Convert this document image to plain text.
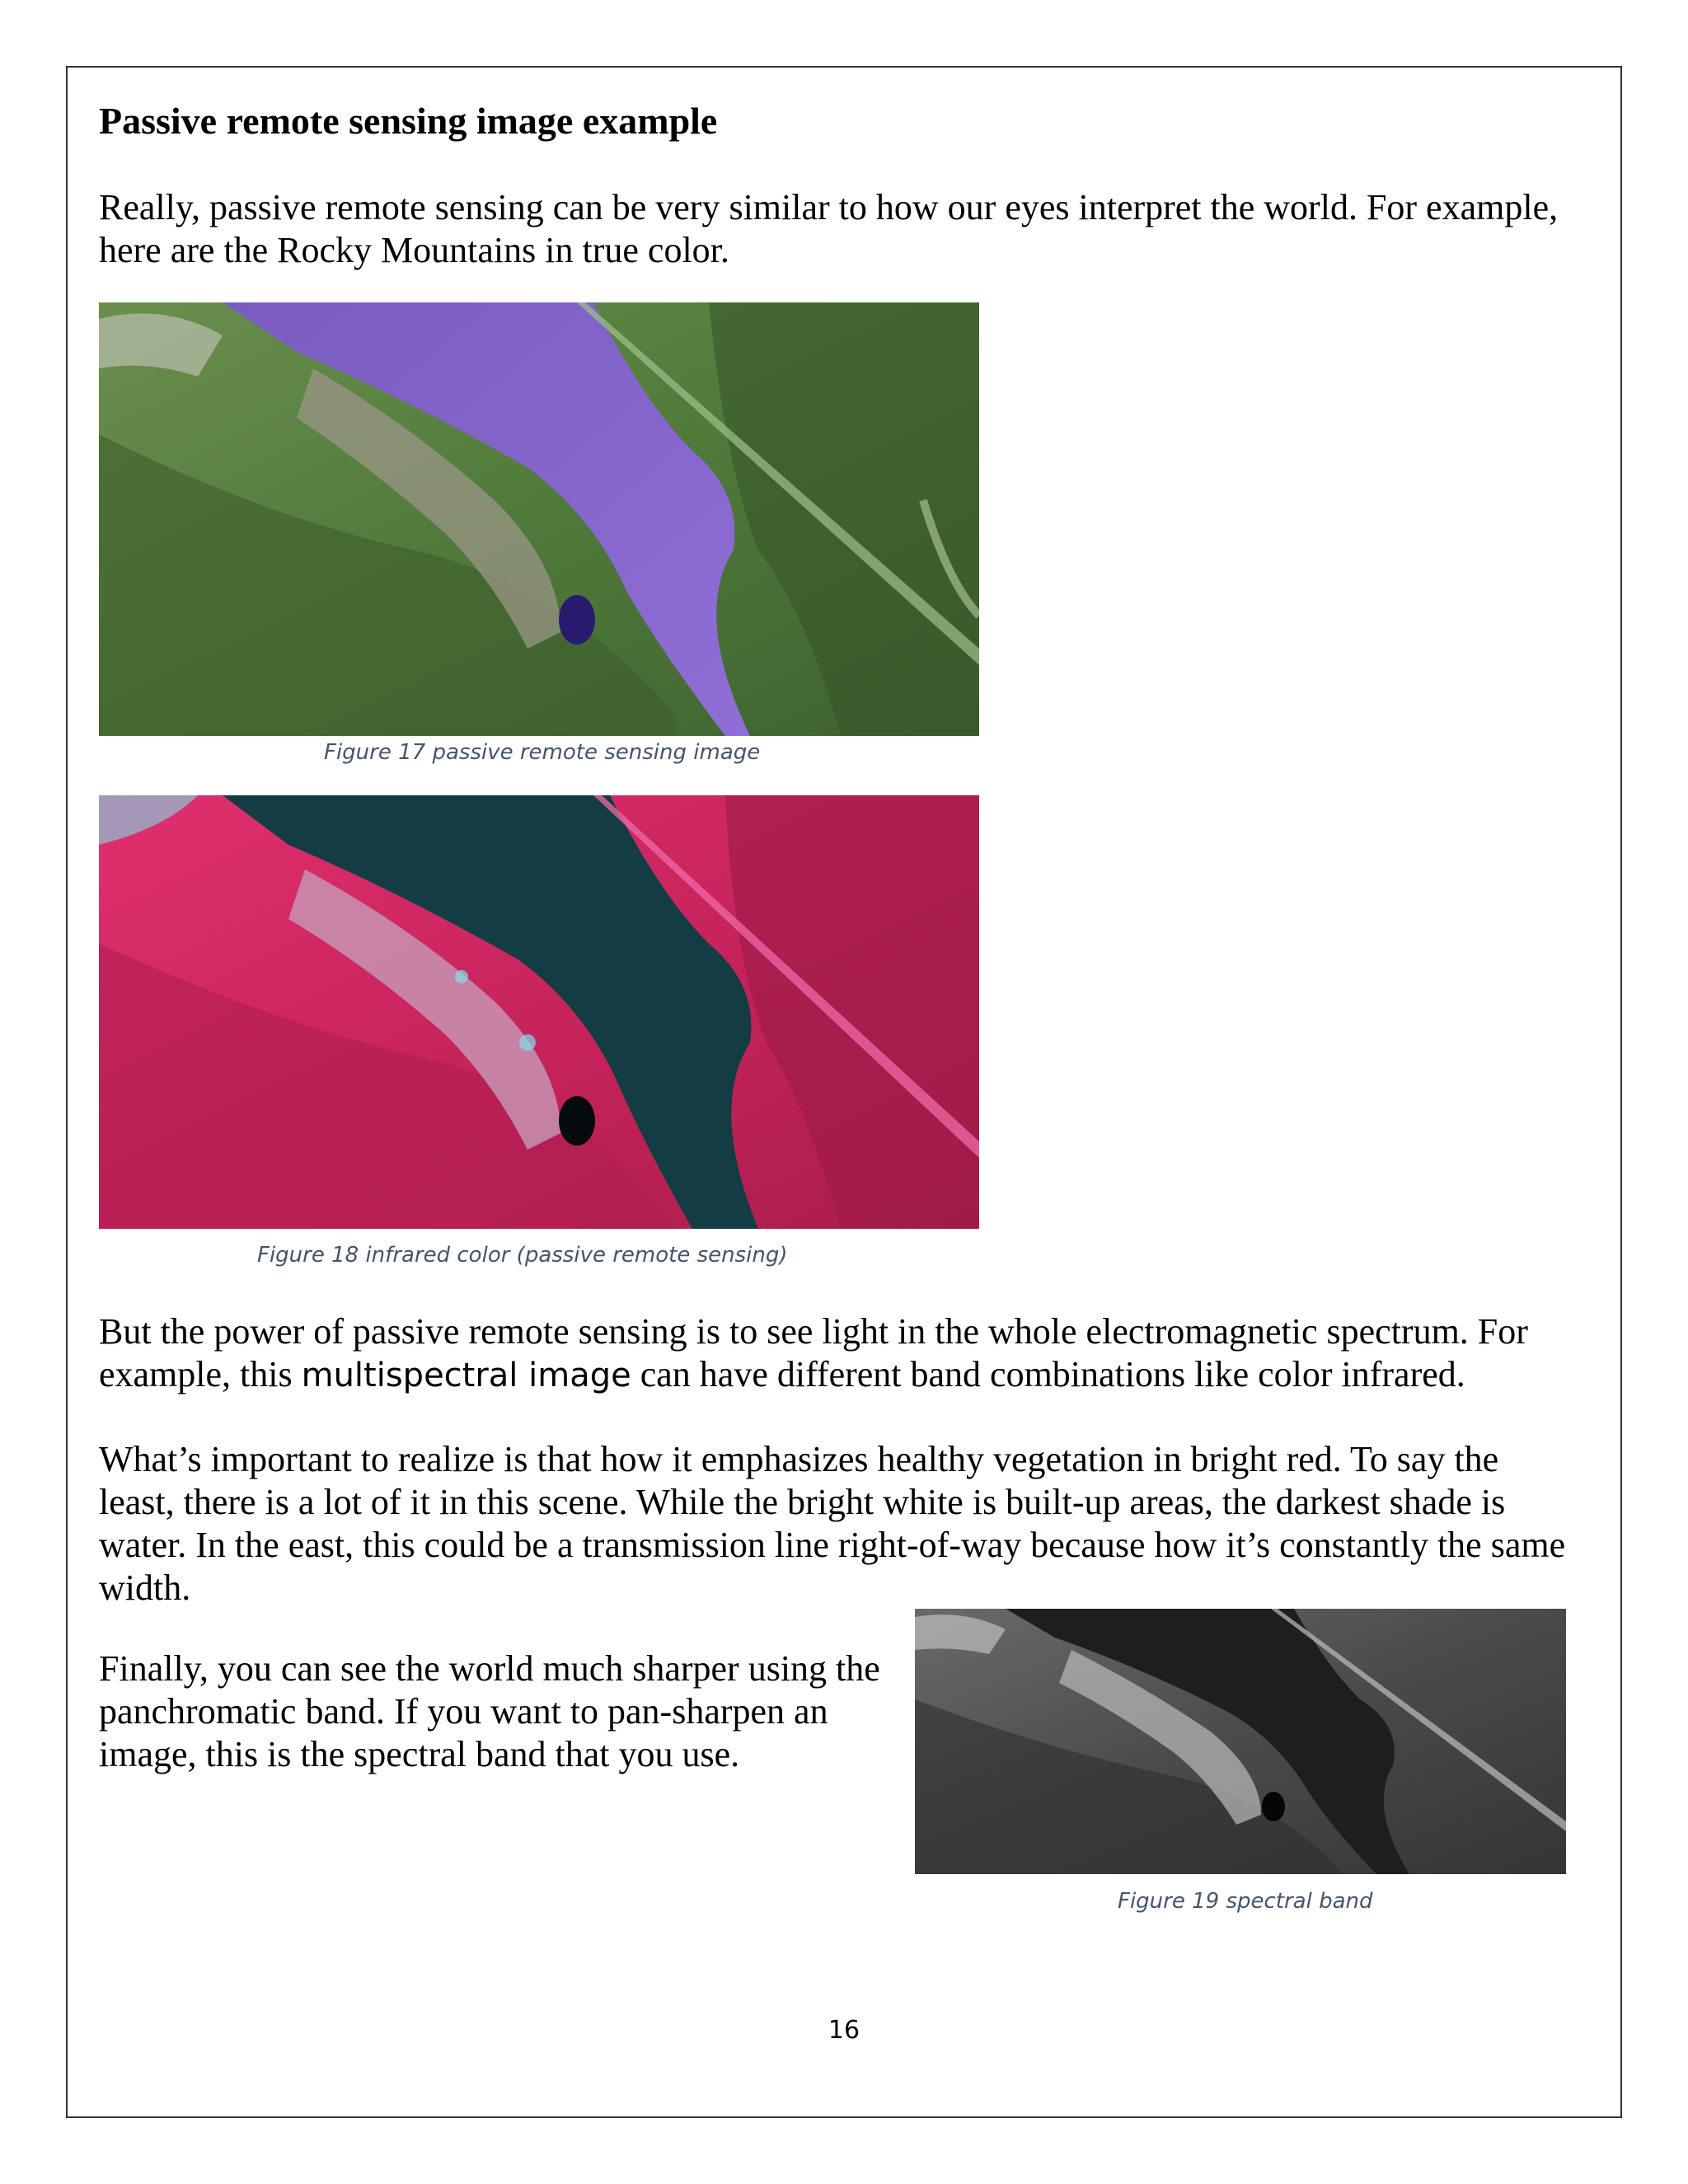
Passive remote sensing image example

Really, passive remote sensing can be very similar to how our eyes interpret the world. For example, here are the Rocky Mountains in true color.

Figure 17 passive remote sensing image

Figure 18 infrared color (passive remote sensing)

But the power of passive remote sensing is to see light in the whole electromagnetic spectrum. For example, this multispectral image can have different band combinations like color infrared.

What’s important to realize is that how it emphasizes healthy vegetation in bright red. To say the least, there is a lot of it in this scene. While the bright white is built-up areas, the darkest shade is water. In the east, this could be a transmission line right-of-way because how it’s constantly the same width.

Finally, you can see the world much sharper using the panchromatic band. If you want to pan-sharpen an image, this is the spectral band that you use.

Figure 19 spectral band

16
